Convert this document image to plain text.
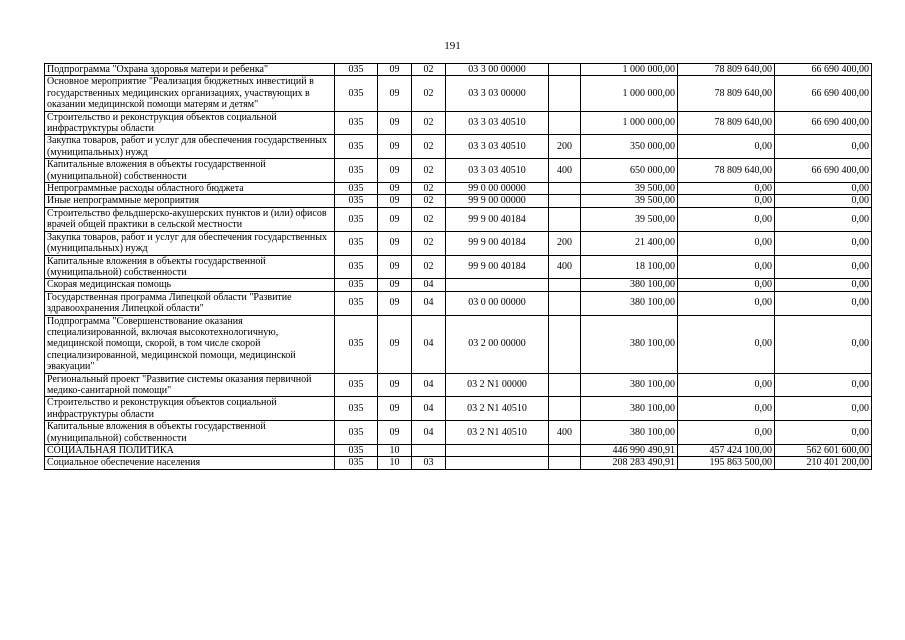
191
Подпрограмма "Охрана здоровья матери и ребенка"	035	09	02	03 3 00 00000		1 000 000,00	78 809 640,00	66 690 400,00
Основное мероприятие "Реализация бюджетных инвестиций в государственных медицинских организациях, участвующих в оказании медицинской помощи матерям и детям"	035	09	02	03 3 03 00000		1 000 000,00	78 809 640,00	66 690 400,00
Строительство и реконструкция объектов социальной инфраструктуры области	035	09	02	03 3 03 40510		1 000 000,00	78 809 640,00	66 690 400,00
Закупка товаров, работ и услуг для обеспечения государственных (муниципальных) нужд	035	09	02	03 3 03 40510	200	350 000,00	0,00	0,00
Капитальные вложения в объекты государственной (муниципальной) собственности	035	09	02	03 3 03 40510	400	650 000,00	78 809 640,00	66 690 400,00
Непрограммные расходы областного бюджета	035	09	02	99 0 00 00000		39 500,00	0,00	0,00
Иные непрограммные мероприятия	035	09	02	99 9 00 00000		39 500,00	0,00	0,00
Строительство фельдшерско-акушерских пунктов и (или) офисов врачей общей практики в сельской местности	035	09	02	99 9 00 40184		39 500,00	0,00	0,00
Закупка товаров, работ и услуг для обеспечения государственных (муниципальных) нужд	035	09	02	99 9 00 40184	200	21 400,00	0,00	0,00
Капитальные вложения в объекты государственной (муниципальной) собственности	035	09	02	99 9 00 40184	400	18 100,00	0,00	0,00
Скорая медицинская помощь	035	09	04			380 100,00	0,00	0,00
Государственная программа Липецкой области "Развитие здравоохранения Липецкой области"	035	09	04	03 0 00 00000		380 100,00	0,00	0,00
Подпрограмма "Совершенствование оказания специализированной, включая высокотехнологичную, медицинской помощи, скорой, в том числе скорой специализированной, медицинской помощи, медицинской эвакуации"	035	09	04	03 2 00 00000		380 100,00	0,00	0,00
Региональный проект "Развитие системы оказания первичной медико-санитарной помощи"	035	09	04	03 2 N1 00000		380 100,00	0,00	0,00
Строительство и реконструкция объектов социальной инфраструктуры области	035	09	04	03 2 N1 40510		380 100,00	0,00	0,00
Капитальные вложения в объекты государственной (муниципальной) собственности	035	09	04	03 2 N1 40510	400	380 100,00	0,00	0,00
СОЦИАЛЬНАЯ ПОЛИТИКА	035	10				446 990 490,91	457 424 100,00	562 601 600,00
Социальное обеспечение населения	035	10	03			208 283 490,91	195 863 500,00	210 401 200,00
